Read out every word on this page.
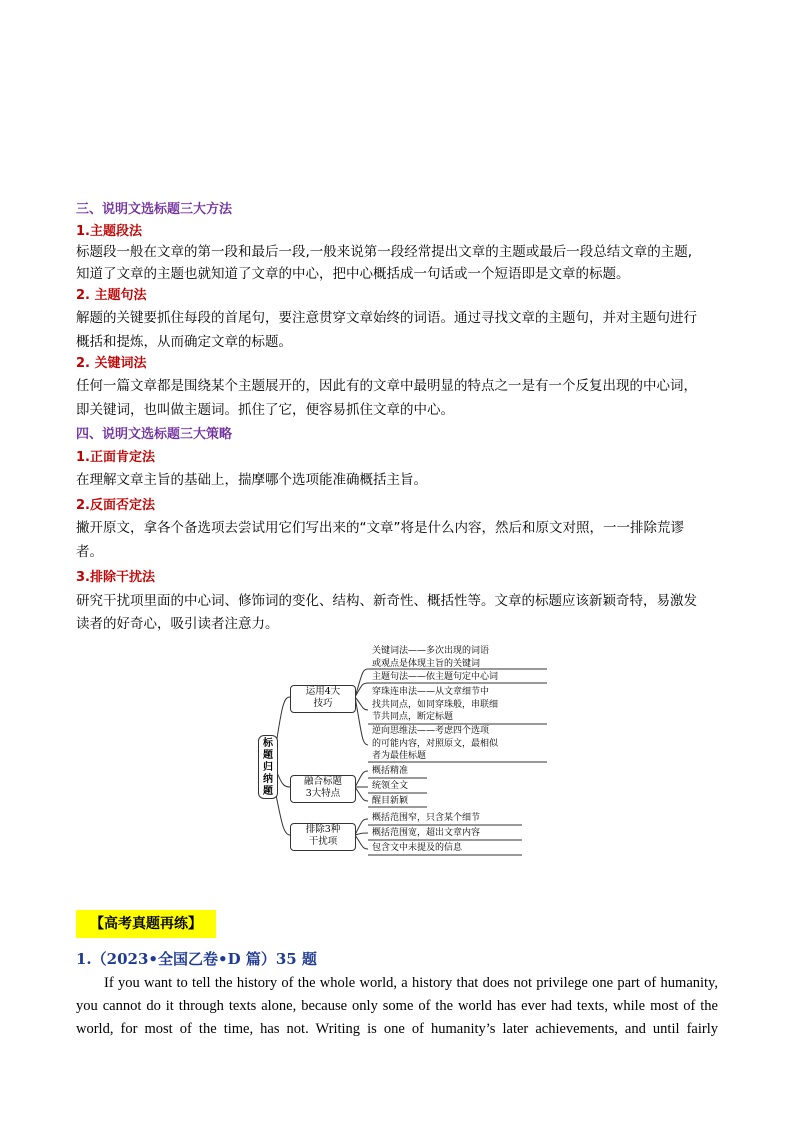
三、说明文选标题三大方法
1.主题段法
标题段一般在文章的第一段和最后一段,一般来说第一段经常提出文章的主题或最后一段总结文章的主题,
知道了文章的主题也就知道了文章的中心，把中心概括成一句话或一个短语即是文章的标题。
2. 主题句法
解题的关键要抓住每段的首尾句，要注意贯穿文章始终的词语。通过寻找文章的主题句，并对主题句进行
概括和提炼，从而确定文章的标题。
2. 关键词法
任何一篇文章都是围绕某个主题展开的，因此有的文章中最明显的特点之一是有一个反复出现的中心词，
即关键词，也叫做主题词。抓住了它，便容易抓住文章的中心。
四、说明文选标题三大策略
1.正面肯定法
在理解文章主旨的基础上，揣摩哪个选项能准确概括主旨。
2.反面否定法
撇开原文，拿各个备选项去尝试用它们写出来的“文章”将是什么内容，然后和原文对照，一一排除荒谬
者。
3.排除干扰法
研究干扰项里面的中心词、修饰词的变化、结构、新奇性、概括性等。文章的标题应该新颖奇特，易激发
读者的好奇心，吸引读者注意力。
标题归纳题
运用4大
技巧
融合标题
3大特点
排除3种
干扰项
关键词法——多次出现的词语
或观点是体现主旨的关键词
主题句法——依主题句定中心词
穿珠连串法——从文章细节中
找共同点，如同穿珠般，串联细
节共同点，断定标题
逆向思维法——考虑四个选项
的可能内容，对照原文，最相似
者为最佳标题
概括精准
统领全文
醒目新颖
概括范围窄，只含某个细节
概括范围宽，超出文章内容
包含文中未提及的信息
【高考真题再练】
1.（2023•全国乙卷•D 篇）35 题
If you want to tell the history of the whole world, a history that does not privilege one part of humanity,
you cannot do it through texts alone, because only some of the world has ever had texts, while most of the
world, for most of the time, has not. Writing is one of humanity’s later achievements, and until fairly
